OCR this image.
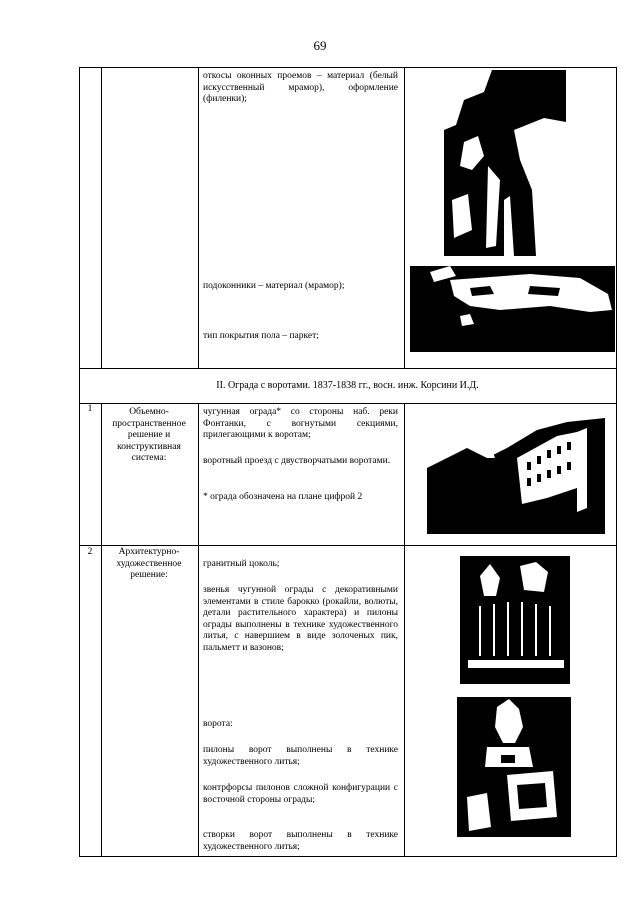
69
откосы оконных проемов – материал (белый искусственный мрамор), оформление (филенки);
подоконники – материал (мрамор);
тип покрытия пола – паркет;
II. Ограда с воротами. 1837-1838 гг., восн. инж. Корсини И.Д.
1	Объемно-пространственное решение и конструктивная система:
чугунная ограда* со стороны наб. реки Фонтанки, с вогнутыми секциями, прилегающими к воротам;
воротный проезд с двустворчатыми воротами.
* ограда обозначена на плане цифрой 2
2	Архитектурно-художественное решение:
гранитный цоколь;
звенья чугунной ограды с декоративными элементами в стиле барокко (рокайли, волюты, детали растительного характера) и пилоны ограды выполнены в технике художественного литья, с навершием в виде золоченых пик, пальметт и вазонов;
ворота:
пилоны ворот выполнены в технике художественного литья;
контрфорсы пилонов сложной конфигурации с восточной стороны ограды;
створки ворот выполнены в технике художественного литья;
